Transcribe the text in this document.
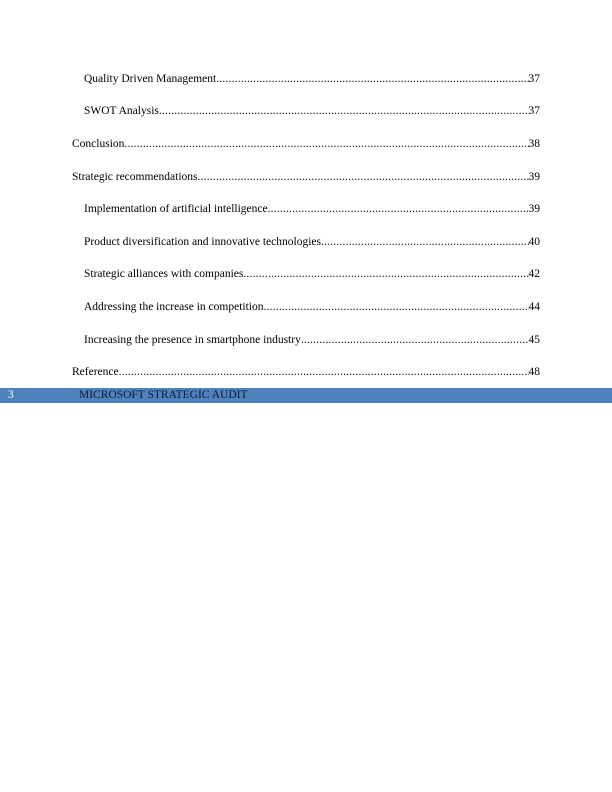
Quality Driven Management .....	37
SWOT Analysis .....	37
Conclusion .....	38
Strategic recommendations .....	39
Implementation of artificial intelligence .....	39
Product diversification and innovative technologies .....	40
Strategic alliances with companies .....	42
Addressing the increase in competition .....	44
Increasing the presence in smartphone industry .....	45
Reference .....	48
3	MICROSOFT STRATEGIC AUDIT
